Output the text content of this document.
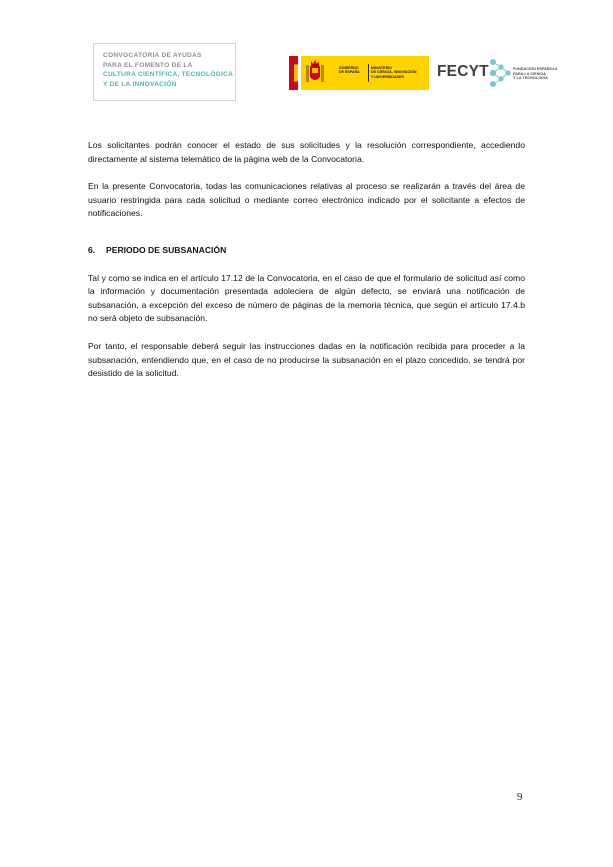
CONVOCATORIA DE AYUDAS
PARA EL FOMENTO DE LA
CULTURA CIENTÍFICA, TECNOLÓGICA
Y DE LA INNOVACIÓN
GOBIERNO
DE ESPAÑA
MINISTERIO
DE CIENCIA, INNOVACIÓN
Y UNIVERSIDADES	FECYT	FUNDACIÓN ESPAÑOLA
PARA LA CIENCIA
Y LA TECNOLOGÍA

Los solicitantes podrán conocer el estado de sus solicitudes y la resolución correspondiente, accediendo directamente al sistema telemático de la página web de la Convocatoria.

En la presente Convocatoria, todas las comunicaciones relativas al proceso se realizarán a través del área de usuario restringida para cada solicitud o mediante correo electrónico indicado por el solicitante a efectos de notificaciones.

6. PERIODO DE SUBSANACIÓN

Tal y como se indica en el artículo 17.12 de la Convocatoria, en el caso de que el formulario de solicitud así como la información y documentación presentada adoleciera de algún defecto, se enviará una notificación de subsanación, a excepción del exceso de número de páginas de la memoria técnica, que según el artículo 17.4.b no será objeto de subsanación.

Por tanto, el responsable deberá seguir las instrucciones dadas en la notificación recibida para proceder a la subsanación, entendiendo que, en el caso de no producirse la subsanación en el plazo concedido, se tendrá por desistido de la solicitud.

9
